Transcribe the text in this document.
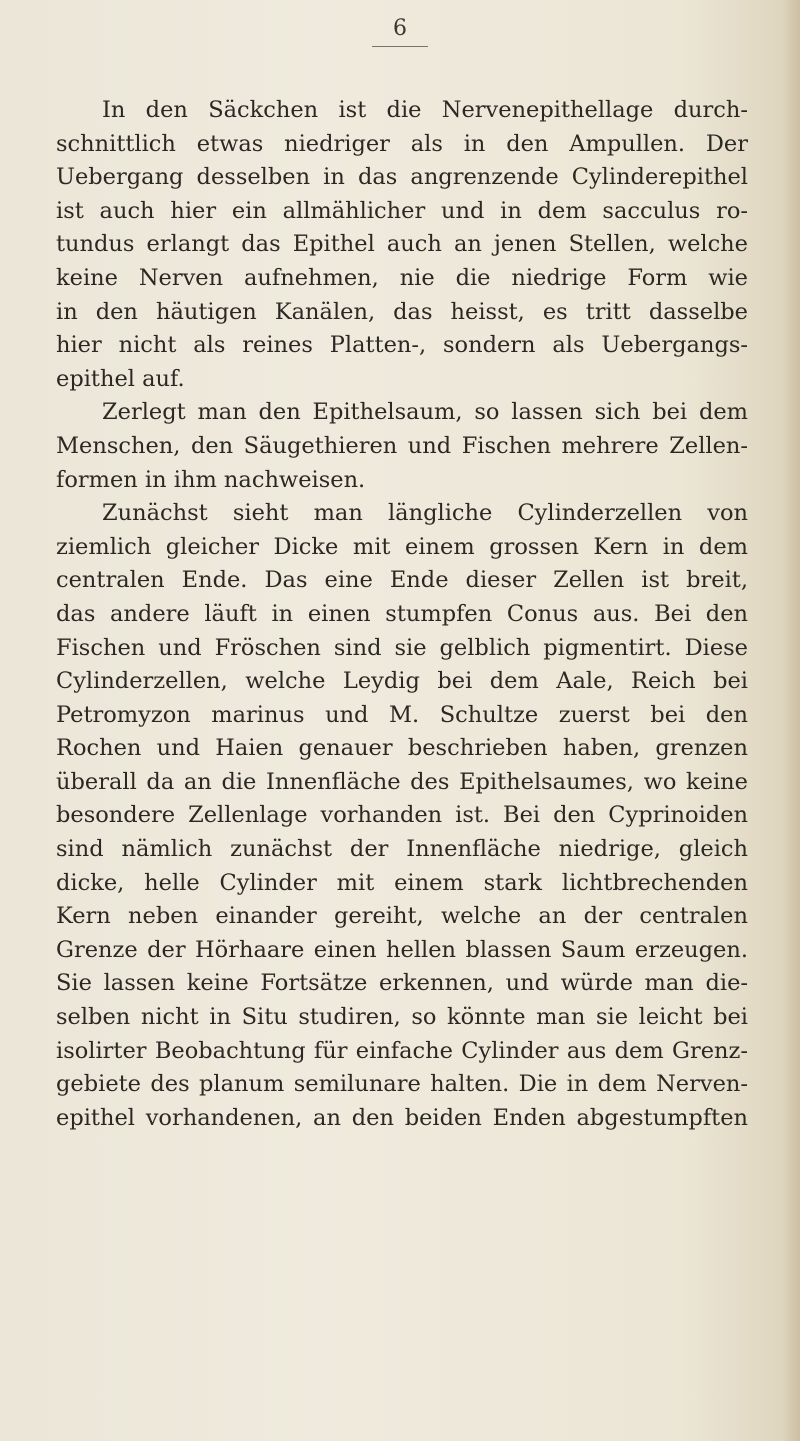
6
In den Säckchen ist die Nervenepithellage durch-
schnittlich etwas niedriger als in den Ampullen. Der
Uebergang desselben in das angrenzende Cylinderepithel
ist auch hier ein allmählicher und in dem sacculus ro-
tundus erlangt das Epithel auch an jenen Stellen, welche
keine Nerven aufnehmen, nie die niedrige Form wie
in den häutigen Kanälen, das heisst, es tritt dasselbe
hier nicht als reines Platten-, sondern als Uebergangs-
epithel auf.
Zerlegt man den Epithelsaum, so lassen sich bei dem
Menschen, den Säugethieren und Fischen mehrere Zellen-
formen in ihm nachweisen.
Zunächst sieht man längliche Cylinderzellen von
ziemlich gleicher Dicke mit einem grossen Kern in dem
centralen Ende. Das eine Ende dieser Zellen ist breit,
das andere läuft in einen stumpfen Conus aus. Bei den
Fischen und Fröschen sind sie gelblich pigmentirt. Diese
Cylinderzellen, welche Leydig bei dem Aale, Reich bei
Petromyzon marinus und M. Schultze zuerst bei den
Rochen und Haien genauer beschrieben haben, grenzen
überall da an die Innenfläche des Epithelsaumes, wo keine
besondere Zellenlage vorhanden ist. Bei den Cyprinoiden
sind nämlich zunächst der Innenfläche niedrige, gleich
dicke, helle Cylinder mit einem stark lichtbrechenden
Kern neben einander gereiht, welche an der centralen
Grenze der Hörhaare einen hellen blassen Saum erzeugen.
Sie lassen keine Fortsätze erkennen, und würde man die-
selben nicht in Situ studiren, so könnte man sie leicht bei
isolirter Beobachtung für einfache Cylinder aus dem Grenz-
gebiete des planum semilunare halten. Die in dem Nerven-
epithel vorhandenen, an den beiden Enden abgestumpften
